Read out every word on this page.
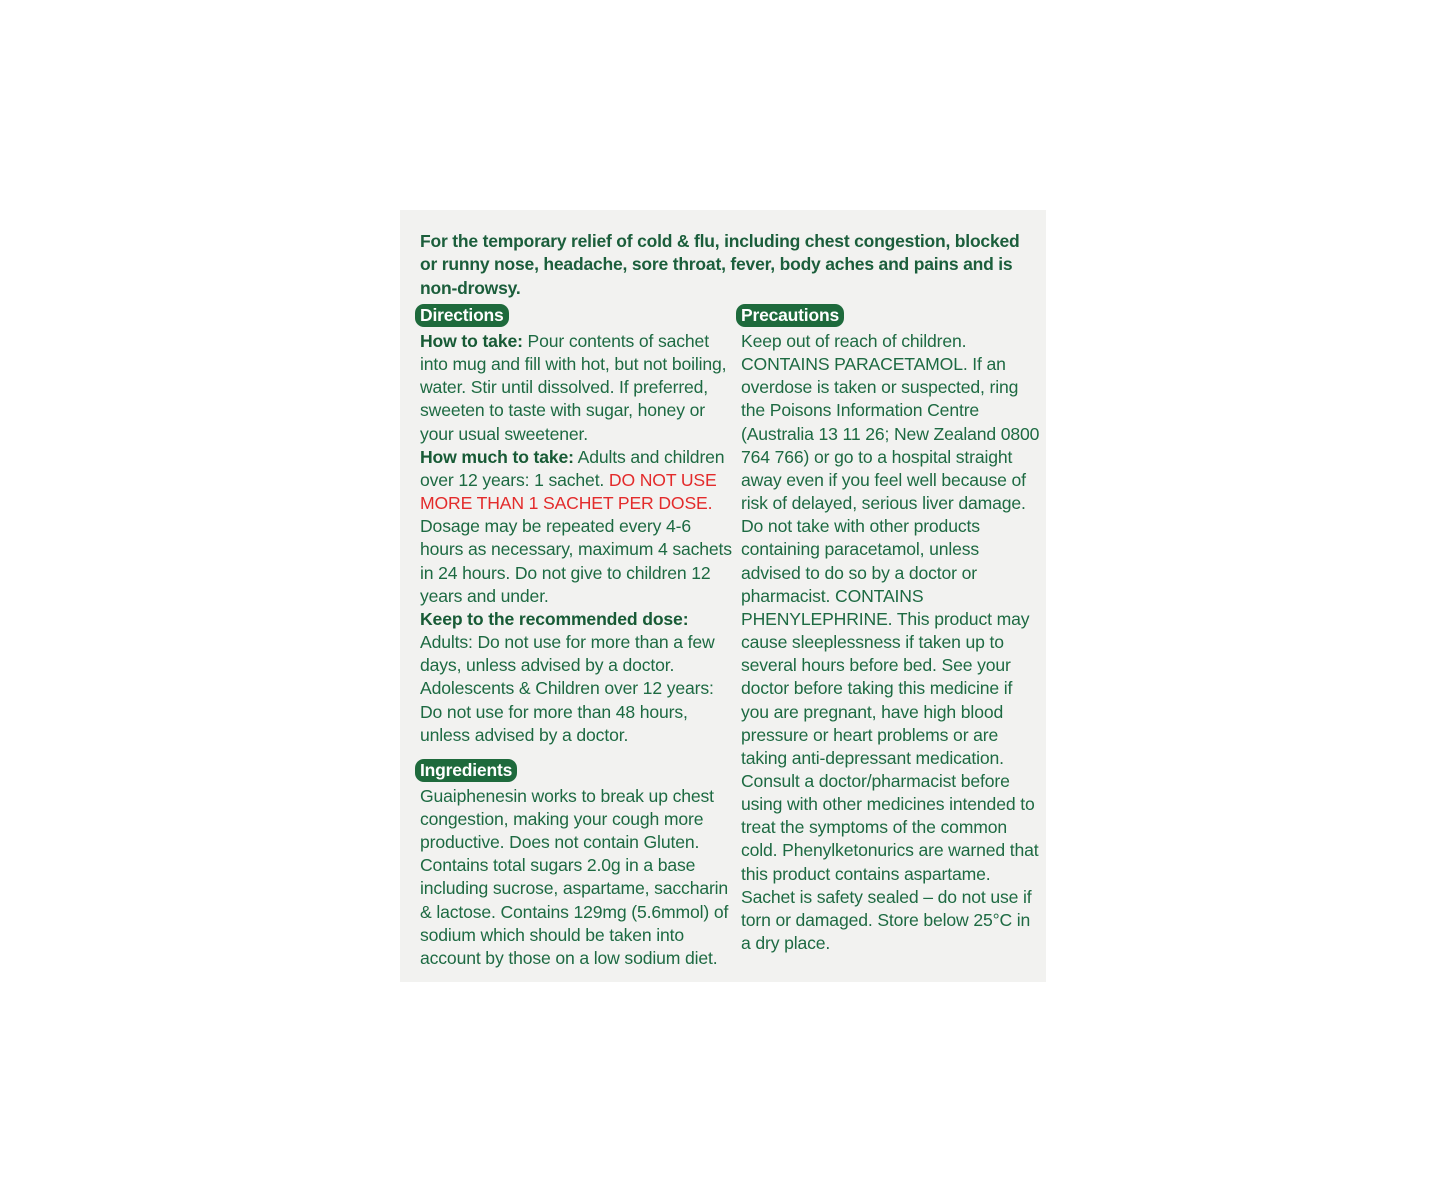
For the temporary relief of cold & flu, including chest congestion, blocked or runny nose, headache, sore throat, fever, body aches and pains and is non-drowsy.
Directions
How to take: Pour contents of sachet into mug and fill with hot, but not boiling, water. Stir until dissolved. If preferred, sweeten to taste with sugar, honey or your usual sweetener.
How much to take: Adults and children over 12 years: 1 sachet. DO NOT USE MORE THAN 1 SACHET PER DOSE. Dosage may be repeated every 4-6 hours as necessary, maximum 4 sachets in 24 hours. Do not give to children 12 years and under.
Keep to the recommended dose:
Adults: Do not use for more than a few days, unless advised by a doctor.
Adolescents & Children over 12 years: Do not use for more than 48 hours, unless advised by a doctor.
Ingredients
Guaiphenesin works to break up chest congestion, making your cough more productive. Does not contain Gluten. Contains total sugars 2.0g in a base including sucrose, aspartame, saccharin & lactose. Contains 129mg (5.6mmol) of sodium which should be taken into account by those on a low sodium diet.
Precautions
Keep out of reach of children. CONTAINS PARACETAMOL. If an overdose is taken or suspected, ring the Poisons Information Centre (Australia 13 11 26; New Zealand 0800 764 766) or go to a hospital straight away even if you feel well because of risk of delayed, serious liver damage. Do not take with other products containing paracetamol, unless advised to do so by a doctor or pharmacist. CONTAINS PHENYLEPHRINE. This product may cause sleeplessness if taken up to several hours before bed. See your doctor before taking this medicine if you are pregnant, have high blood pressure or heart problems or are taking anti-depressant medication. Consult a doctor/pharmacist before using with other medicines intended to treat the symptoms of the common cold. Phenylketonurics are warned that this product contains aspartame. Sachet is safety sealed – do not use if torn or damaged. Store below 25°C in a dry place.
